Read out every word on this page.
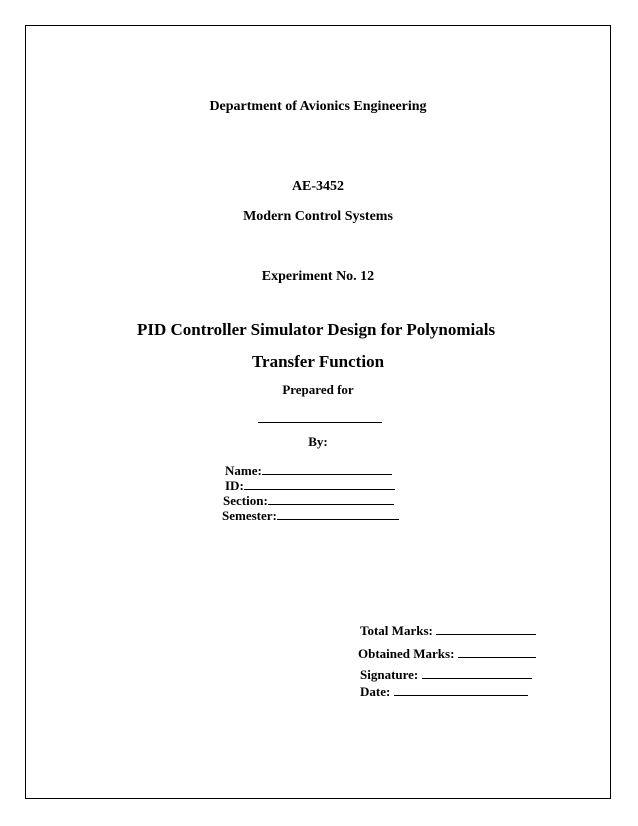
Department of Avionics Engineering
AE-3452
Modern Control Systems
Experiment No. 12
PID Controller Simulator Design for Polynomials
Transfer Function
Prepared for
By:
Name:
ID:
Section:
Semester:
Total Marks:
Obtained Marks:
Signature:
Date:
